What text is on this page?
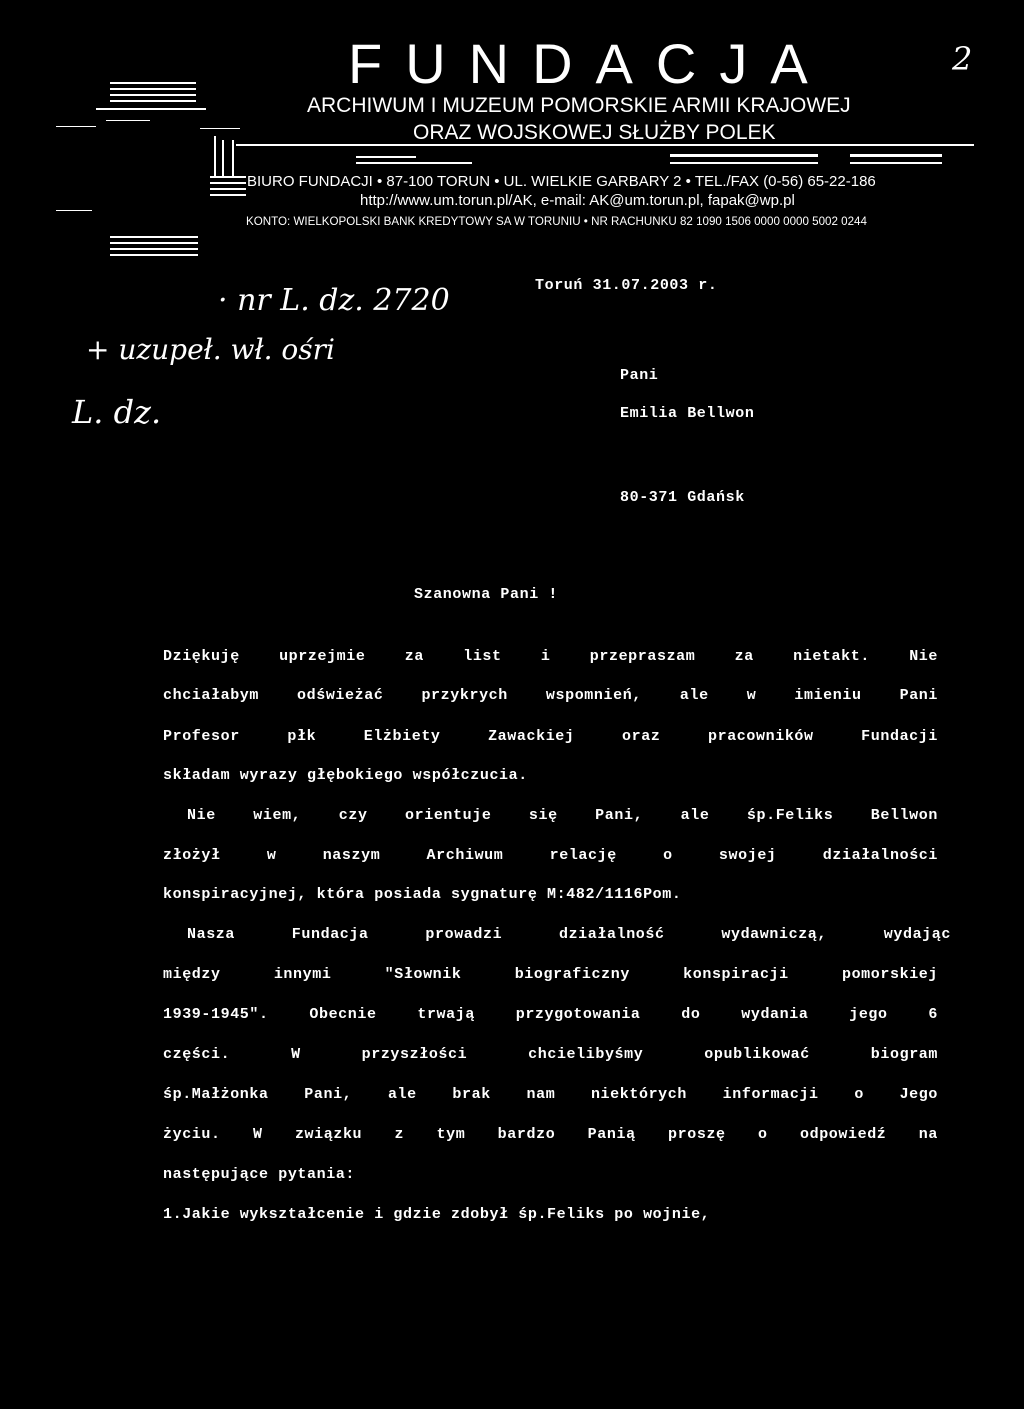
FUNDACJA	2
ARCHIWUM I MUZEUM POMORSKIE ARMII KRAJOWEJ
ORAZ WOJSKOWEJ SŁUŻBY POLEK
BIURO FUNDACJI • 87-100 TORUN • UL. WIELKIE GARBARY 2 • TEL./FAX (0-56) 65-22-186
http://www.um.torun.pl/AK, e-mail: AK@um.torun.pl, fapak@wp.pl
KONTO: WIELKOPOLSKI BANK KREDYTOWY SA W TORUNIU • NR RACHUNKU 82 1090 1506 0000 0000 5002 0244
· nr L. dz. 2720
+ uzupeł. wł. ośri
L. dz.
Toruń 31.07.2003 r.
Pani
Emilia Bellwon
80-371 Gdańsk
Szanowna Pani !
Dziękuję uprzejmie za list i przepraszam za nietakt. Nie
chciałabym odświeżać przykrych wspomnień, ale w imieniu Pani
Profesor płk Elżbiety Zawackiej oraz pracowników Fundacji
składam wyrazy głębokiego współczucia.
Nie wiem, czy orientuje się Pani, ale śp.Feliks Bellwon
złożył w naszym Archiwum relację o swojej działalności
konspiracyjnej, która posiada sygnaturę M:482/1116Pom.
Nasza Fundacja prowadzi działalność wydawniczą, wydając
między innymi "Słownik biograficzny konspiracji pomorskiej
1939-1945". Obecnie trwają przygotowania do wydania jego 6
części. W przyszłości chcielibyśmy opublikować biogram
śp.Małżonka Pani, ale brak nam niektórych informacji o Jego
życiu. W związku z tym bardzo Panią proszę o odpowiedź na
następujące pytania:
1.Jakie wykształcenie i gdzie zdobył śp.Feliks po wojnie,
